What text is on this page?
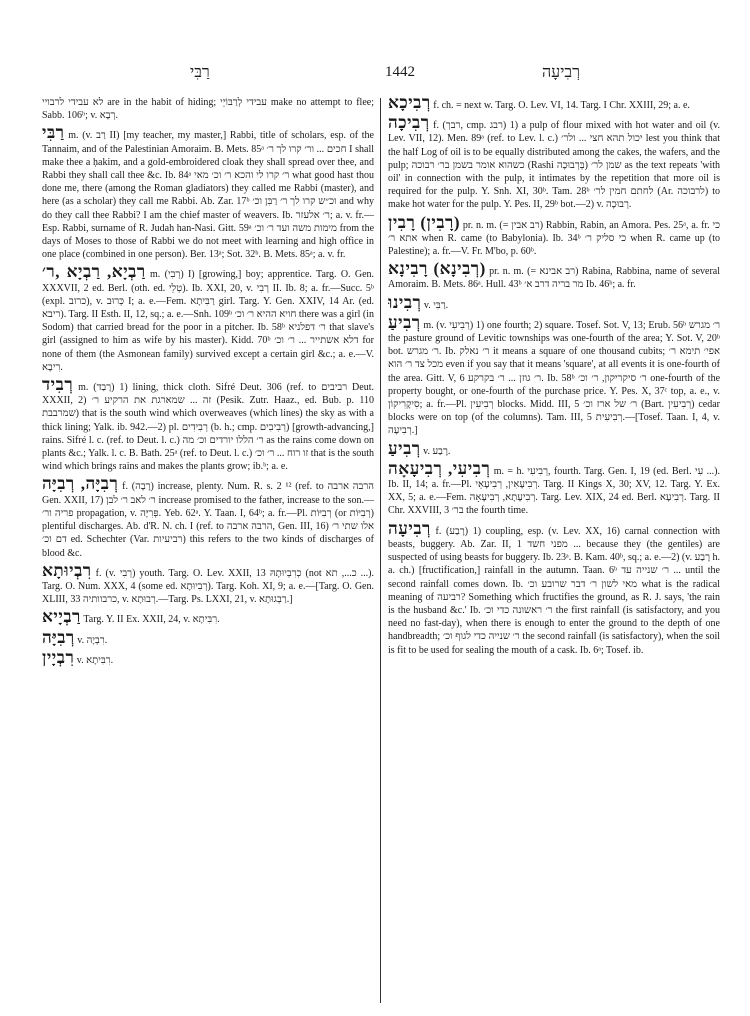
רַבִּי	1442	רְבִיעָה

לא עבידי לרבויי are in the habit of hiding; עבידי לְרַבּוֹיֵי make no attempt to flee; Sabb. 106ᵇ; v. רְבָא.

רַבִּי m. (v. רַב II) [my teacher, my master,] Rabbi, title of scholars, esp. of the Tannaim, and of the Palestinian Amoraim. B. Mets. 85ᵃ חכים ... ור׳ קרו לך ר׳ I shall make thee a ḥakim, and a gold-embroidered cloak they shall spread over thee, and Rabbi they shall call thee &c. Ib. 84ᵃ ר׳ קרו לי והכא ר׳ וכ׳ מאי what good hast thou done me, there (among the Roman gladiators) they called me Rabbi (master), and here (as a scholar) they call me Rabbi. Ab. Zar. 17ᵇ וכ״ש קרו לך ר׳ רַבִּן וכ׳ and why do they call thee Rabbi? I am the chief master of weavers. Ib. ר׳ אלעזר; a. v. fr.—Esp. Rabbi, surname of R. Judah han-Nasi. Gitt. 59ᵃ מימות משה ועד ר׳ וכ׳ from the days of Moses to those of Rabbi we do not meet with learning and high office in one place (combined in one person). Ber. 13ᵃ; Sot. 32ᵇ. B. Mets. 85ᵃ; a. v. fr.

רַבְיָא, רַבְיָא ,ר׳ m. (רְבִי) I) [growing,] boy; apprentice. Targ. O. Gen. XXXVII, 2 ed. Berl. (oth. ed. טְלֵי). Ib. XXI, 20, v. רְבִי II. Ib. 8; a. fr.—Succ. 5ᵇ (expl. כרוב), v. כְּרוּב I; a. e.—Fem. רַבִּיתָא girl. Targ. Y. Gen. XXIV, 14 Ar. (ed. ריבא). Targ. II Esth. II, 12, sq.; a. e.—Snh. 109ᵇ חויא ההיא ר׳ וכ׳ there was a girl (in Sodom) that carried bread for the poor in a pitcher. Ib. 58ᵇ ר׳ דפלניא that slave's girl (assigned to him as wife by his master). Kidd. 70ᵇ דלא אשתייר ... ר׳ וכ׳ for none of them (the Asmonean family) survived except a certain girl &c.; a. e.—V. רִיבָא.

רְבִיד m. (רָבַד) 1) lining, thick cloth. Sifré Deut. 306 (ref. to רביבים Deut. XXXII, 2) זה ... שמארגת את הרקיע ר׳ (Pesik. Zutr. Haaz., ed. Bub. p. 110 שמרבבת) that is the south wind which overweaves (which lines) the sky as with a thick lining; Yalk. ib. 942.—2) pl. רְבִידִים (b. h.; cmp. רְבִיבִים) [growth-advancing,] rains. Sifré l. c. (ref. to Deut. l. c.) ר׳ הללו יורדים וכ׳ מה as the rains come down on plants &c.; Yalk. l. c. B. Bath. 25ᵃ (ref. to Deut. l. c.) זו רוח ... ר׳ וכ׳ that is the south wind which brings rains and makes the plants grow; ib.ᵇ; a. e.

רְבִיָּה, רְבִיָּה f. (רָבָה) increase, plenty. Num. R. s. 2 ¹² (ref. to הרבה ארבה Gen. XXII, 17) ר׳ לאב ר׳ לבן increase promised to the father, increase to the son.—פריה ור׳ propagation, v. פְּרִיָּה. Yeb. 62ᵃ. Y. Taan. I, 64ᵇ; a. fr.—Pl. רְבִיּוֹת (or רְבִיּוֹת) plentiful discharges. Ab. d'R. N. ch. I (ref. to הרבה ארבה, Gen. III, 16) אלו שתי ר׳ דם וכ׳ ed. Schechter (Var. רביעיות) this refers to the two kinds of discharges of blood &c.

רִבְיוּתָא f. (v. רְבִי) youth. Targ. O. Lev. XXII, 13 כְרִבְיוּתָהּ (not כ..., תא ...). Targ. O. Num. XXX, 4 (some ed. רְבִיוּתָא). Targ. Koh. XI, 9; a. e.—[Targ. O. Gen. XLIII, 33 כרבוותיה, v. רְבוּתָא.—Targ. Ps. LXXI, 21, v. רַבְגוּתָא.]

רַבְיָיא Targ. Y. II Ex. XXII, 24, v. רִבִּיתָא.

רְבִיָּה v. רִבְיָה.

רִבְיָין v. רִבִּיתָא.

רְבִיכָא f. ch. = next w. Targ. O. Lev. VI, 14. Targ. I Chr. XXIII, 29; a. e.

רְבִיכָה f. (רבך, cmp. רבג) 1) a pulp of flour mixed with hot water and oil (v. Lev. VII, 12). Men. 89ᵃ (ref. to Lev. l. c.) יכול תהא חצי ... ולר׳ lest you think that the half Log of oil is to be equally distributed among the cakes, the wafers, and the pulp; כשהוא אומר בשמן בר׳ רבוכה (Rashi בְּרְבוּכָה) שמן לר׳ as the text repeats 'with oil' in connection with the pulp, it intimates by the repetition that more oil is required for the pulp. Y. Snh. XI, 30ᵇ. Tam. 28ᵇ לחתם חמין לר׳ (Ar. לרבוכה) to make hot water for the pulp. Y. Pes. II, 29ᵇ bot.—2) v. רְבוּכָה.

(רָבִין) רָבִין pr. n. m. (= רב אבין) Rabbin, Rabin, an Amora. Pes. 25ᵃ, a. fr. כי אתא ר׳ when R. came (to Babylonia). Ib. 34ᵇ כי סליק ר׳ when R. came up (to Palestine); a. fr.—V. Fr. M'bo, p. 60ᵇ.

(רְבִינָא) רָבִינָא pr. n. m. (= רב אבינא) Rabina, Rabbina, name of several Amoraim. B. Mets. 86ᵃ. Hull. 43ᵇ מר בריה דרב א׳ Ib. 46ᵇ; a. fr.

רְבִינוּ v. רַבִּי.

רְבִיעַ m. (v. רְבִיעִי) 1) one fourth; 2) square. Tosef. Sot. V, 13; Erub. 56ᵇ ר׳ מגרש the pasture ground of Levitic townships was one-fourth of the area; Y. Sot. V, 20ᵇ bot. ר׳ מגרש. Ib. ר׳ נאלק it means a square of one thousand cubits; אפי׳ תימא ר׳ מכל צד ר׳ הוא even if you say that it means 'square', at all events it is one-fourth of the area. Gitt. V, 6 ר׳ גוזן ... ר׳ בקרקע. Ib. 58ᵇ ר׳ סיקריקון, ר׳ וכ׳ one-fourth of the property bought, or one-fourth of the purchase price. Y. Pes. X, 37ᶜ top, a. e., v. סִיקָרִיקוֹן; a. fr.—Pl. רְבִיעִין blocks. Midd. III, 5 ר׳ של ארז וכ׳ (Bart. רְבִיעִין) cedar blocks were on top (of the columns). Tam. III, 5 רְבִיעִית.—[Tosef. Taan. I, 4, v. רְבִיעָה.]

רְבִיעַ v. רֶבַע.

רְבִיעִי, רְבִיעָאָה m. = h. רְבִיעִי, fourth. Targ. Gen. I, 19 (ed. Berl. עִי ...). Ib. II, 14; a. fr.—Pl. רְבִיעָאִין, רְבִיעָאֵי. Targ. II Kings X, 30; XV, 12. Targ. Y. Ex. XX, 5; a. e.—Fem. רְבִיעָתָא, רְבִיעָאָה. Targ. Lev. XIX, 24 ed. Berl. רְבִיעָא. Targ. II Chr. XXVIII, 3 בר׳ the fourth time.

רְבִיעָה f. (רָבַע) 1) coupling, esp. (v. Lev. XX, 16) carnal connection with beasts, buggery. Ab. Zar. II, 1 מפני חשד ... because they (the gentiles) are suspected of using beasts for buggery. Ib. 23ᵃ. B. Kam. 40ᵇ, sq.; a. e.—2) (v. רָבַע h. a. ch.) [fructification,] rainfall in the autumn. Taan. 6ᵇ ר׳ שנייה עד ... until the second rainfall comes down. Ib. מאי לשון ר׳ דבר שרובע וכ׳ what is the radical meaning of רביעה? Something which fructifies the ground, as R. J. says, 'the rain is the husband &c.' Ib. ר׳ ראשונה כדי וכ׳ the first rainfall (is satisfactory, and you need no fast-day), when there is enough to enter the ground to the depth of one handbreadth; ר׳ שנייה כדי לגוף וכ׳ the second rainfall (is satisfactory), when the soil is fit to be used for sealing the mouth of a cask. Ib. 6ᵃ; Tosef. ib.
